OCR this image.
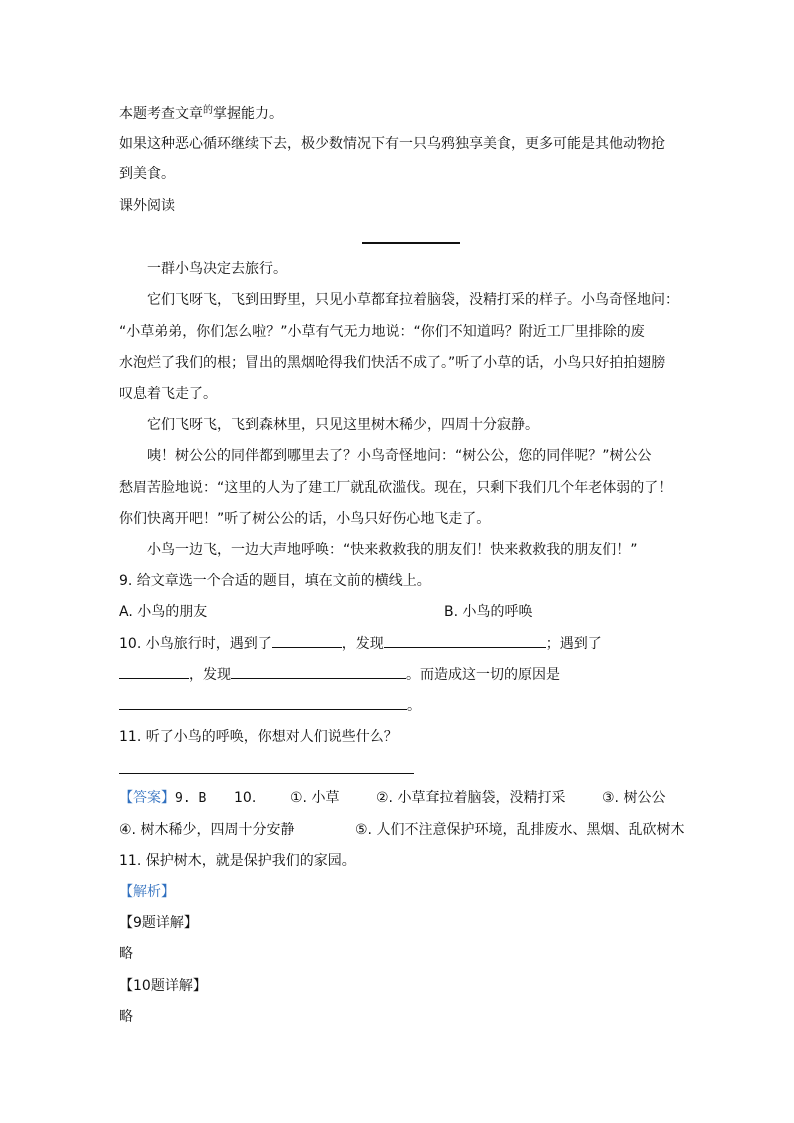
本题考查文章$^的$掌握能力。
如果这种恶心循环继续下去，极少数情况下有一只乌鸦独享美食，更多可能是其他动物抢
到美食。
课外阅读
一群小鸟决定去旅行。
它们飞呀飞，飞到田野里，只见小草都耷拉着脑袋，没精打采的样子。小鸟奇怪地问：
“小草弟弟，你们怎么啦？”小草有气无力地说：“你们不知道吗？附近工厂里排除的废
水泡烂了我们的根；冒出的黑烟呛得我们快活不成了。”听了小草的话，小鸟只好拍拍翅膀
叹息着飞走了。
它们飞呀飞，飞到森林里，只见这里树木稀少，四周十分寂静。
咦！树公公的同伴都到哪里去了？小鸟奇怪地问：“树公公，您的同伴呢？”树公公
愁眉苦脸地说：“这里的人为了建工厂就乱砍滥伐。现在，只剩下我们几个年老体弱的了！
你们快离开吧！”听了树公公的话，小鸟只好伤心地飞走了。
小鸟一边飞，一边大声地呼唤：“快来救救我的朋友们！快来救救我的朋友们！”
9. 给文章选一个合适的题目，填在文前的横线上。
A. 小鸟的朋友	B. 小鸟的呼唤
10. 小鸟旅行时，遇到了	，发现	；遇到了
，发现	。而造成这一切的原因是
。
11. 听了小鸟的呼唤，你想对人们说些什么？
【答案】9. B 10. ①. 小草	②. 小草耷拉着脑袋，没精打采	③. 树公公
④. 树木稀少，四周十分安静	⑤. 人们不注意保护环境，乱排废水、黑烟、乱砍树木
11. 保护树木，就是保护我们的家园。
【解析】
【9题详解】
略
【10题详解】
略
